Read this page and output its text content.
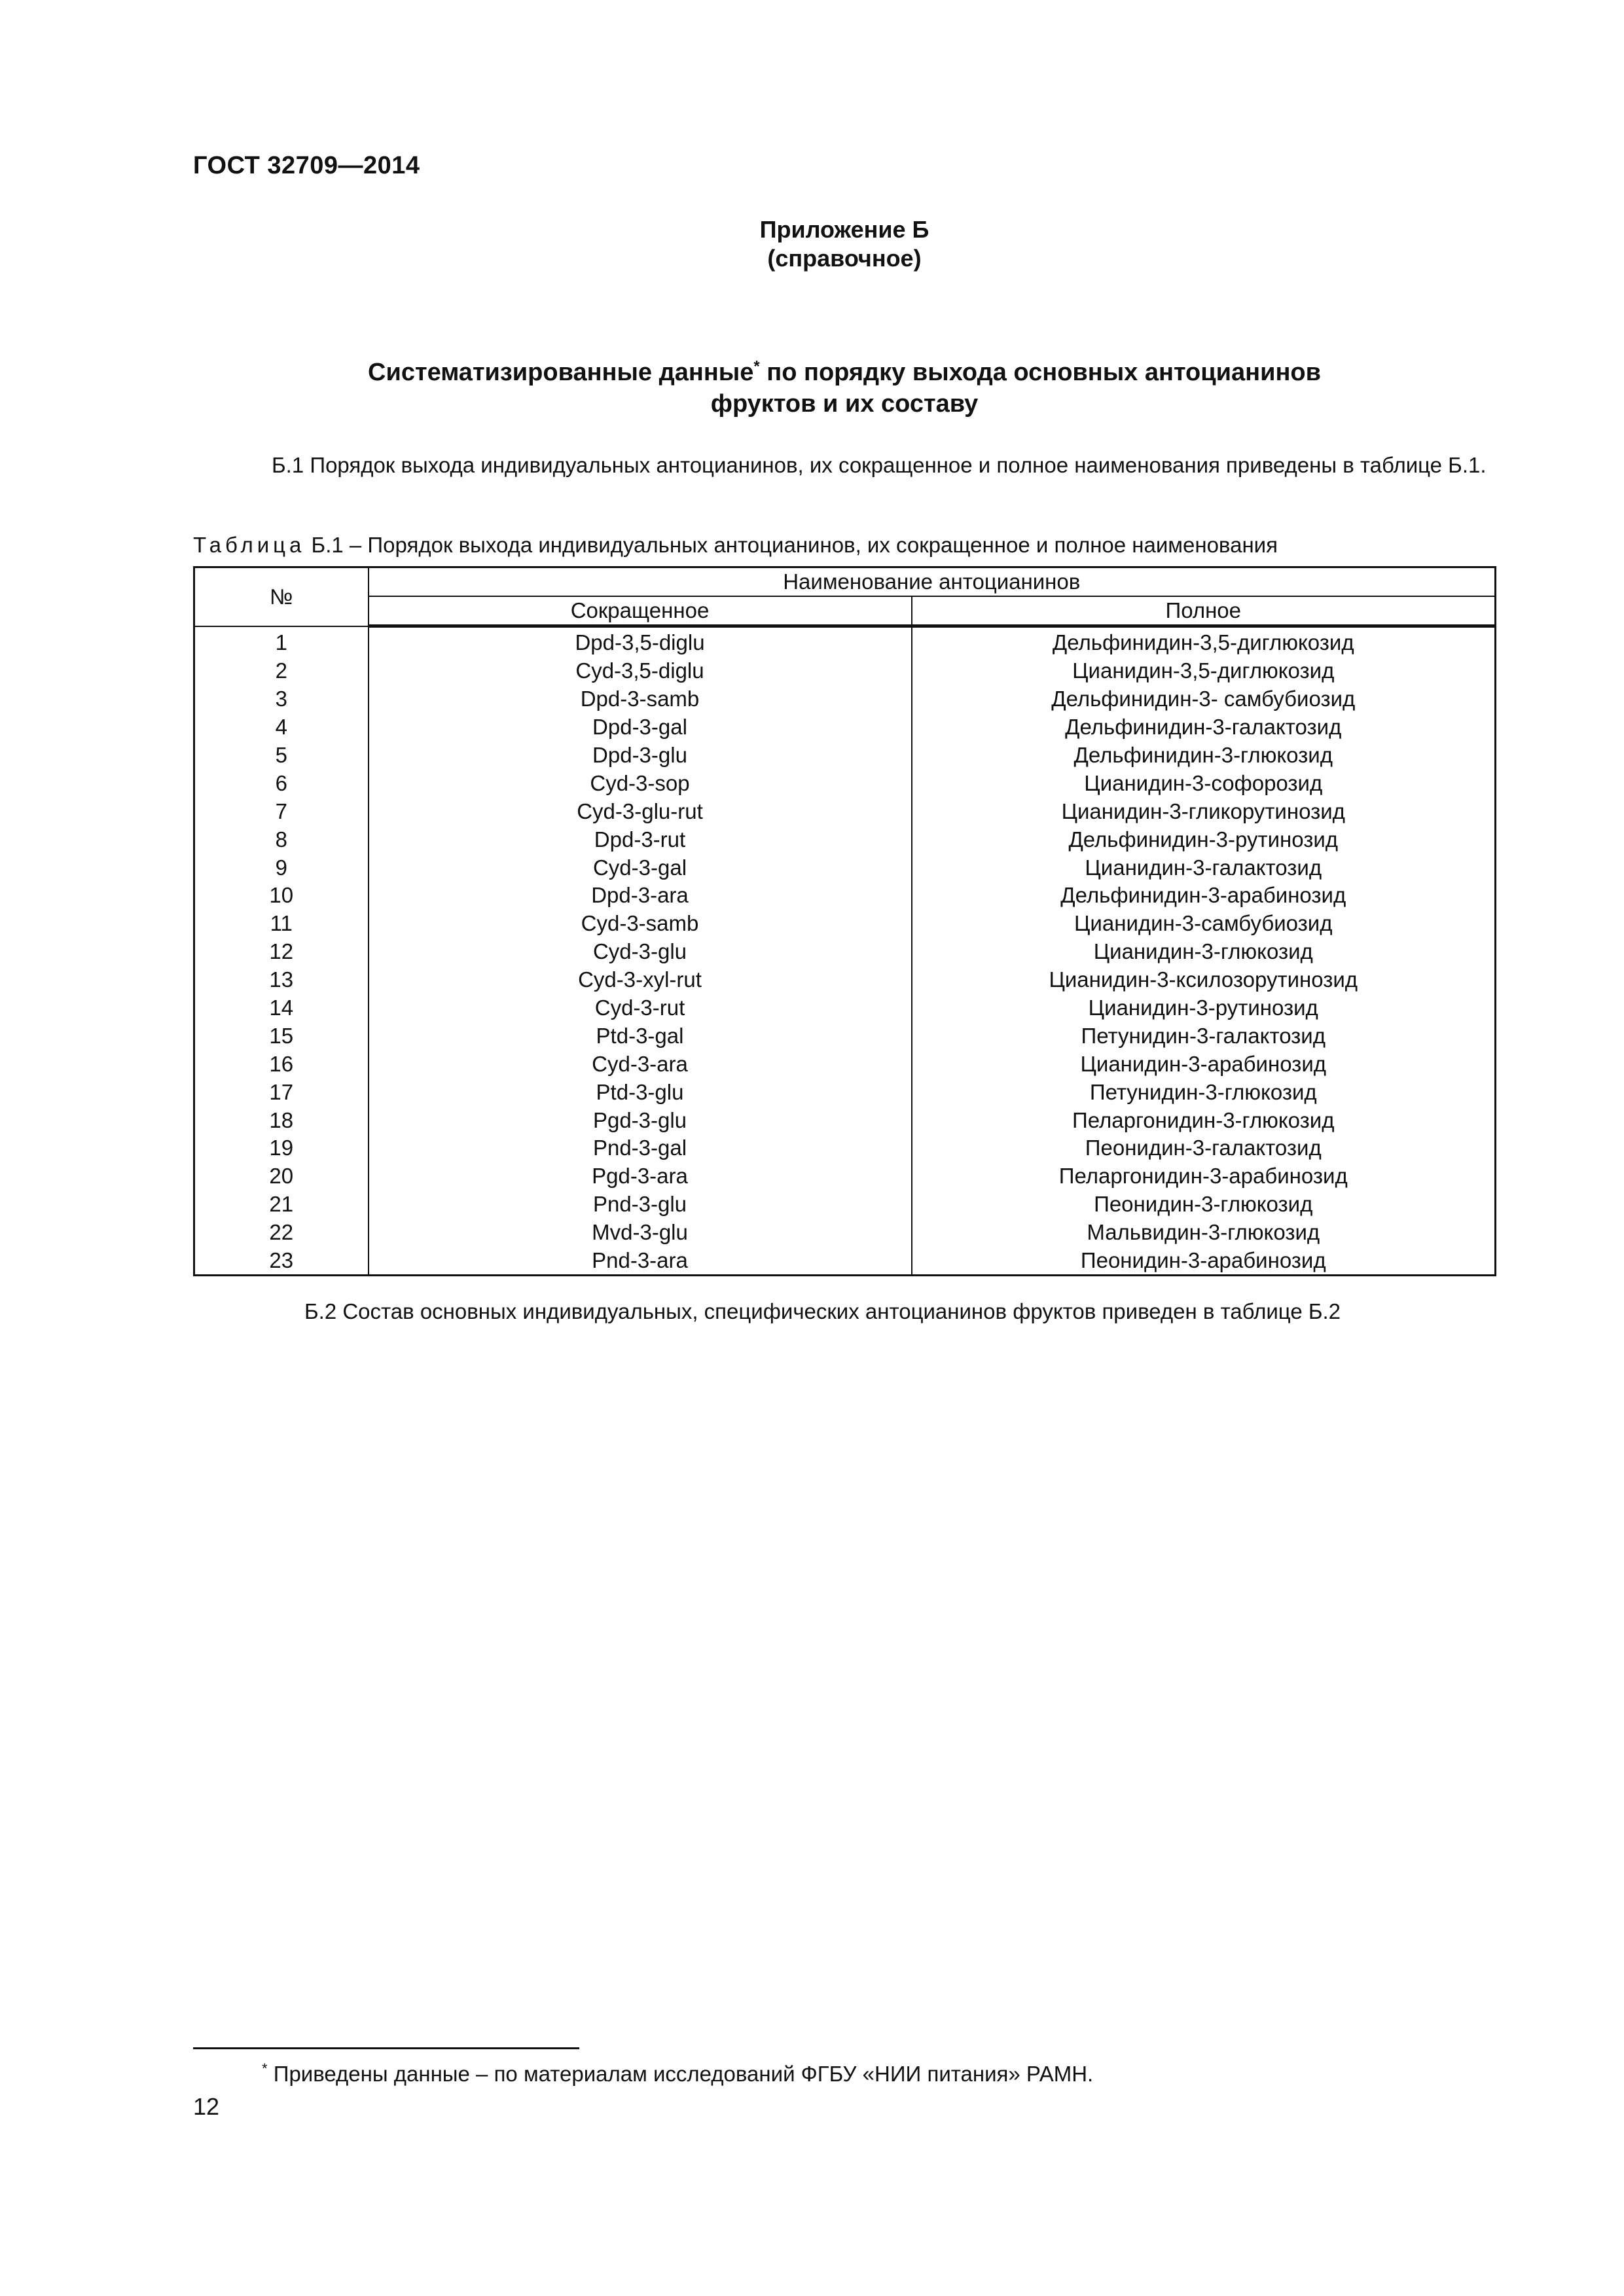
ГОСТ 32709—2014
Приложение Б
(справочное)
Систематизированные данные* по порядку выхода основных антоцианинов
фруктов и их составу
Б.1 Порядок выхода индивидуальных антоцианинов, их сокращенное и полное наименования приведены в таблице Б.1.
Таблица Б.1 – Порядок выхода индивидуальных антоцианинов, их сокращенное и полное наименования
№	Наименование антоцианинов	
	Сокращенное	Полное
1	Dpd-3,5-diglu	Дельфинидин-3,5-диглюкозид
2	Cyd-3,5-diglu	Цианидин-3,5-диглюкозид
3	Dpd-3-samb	Дельфинидин-3- самбубиозид
4	Dpd-3-gal	Дельфинидин-3-галактозид
5	Dpd-3-glu	Дельфинидин-3-глюкозид
6	Cyd-3-sop	Цианидин-3-софорозид
7	Cyd-3-glu-rut	Цианидин-3-гликорутинозид
8	Dpd-3-rut	Дельфинидин-3-рутинозид
9	Cyd-3-gal	Цианидин-3-галактозид
10	Dpd-3-ara	Дельфинидин-3-арабинозид
11	Cyd-3-samb	Цианидин-3-самбубиозид
12	Cyd-3-glu	Цианидин-3-глюкозид
13	Cyd-3-xyl-rut	Цианидин-3-ксилозорутинозид
14	Cyd-3-rut	Цианидин-3-рутинозид
15	Ptd-3-gal	Петунидин-3-галактозид
16	Cyd-3-ara	Цианидин-3-арабинозид
17	Ptd-3-glu	Петунидин-3-глюкозид
18	Pgd-3-glu	Пеларгонидин-3-глюкозид
19	Pnd-3-gal	Пеонидин-3-галактозид
20	Pgd-3-ara	Пеларгонидин-3-арабинозид
21	Pnd-3-glu	Пеонидин-3-глюкозид
22	Mvd-3-glu	Мальвидин-3-глюкозид
23	Pnd-3-ara	Пеонидин-3-арабинозид
Б.2 Состав основных индивидуальных, специфических антоцианинов фруктов приведен в таблице Б.2
* Приведены данные – по материалам исследований ФГБУ «НИИ питания» РАМН.
12
